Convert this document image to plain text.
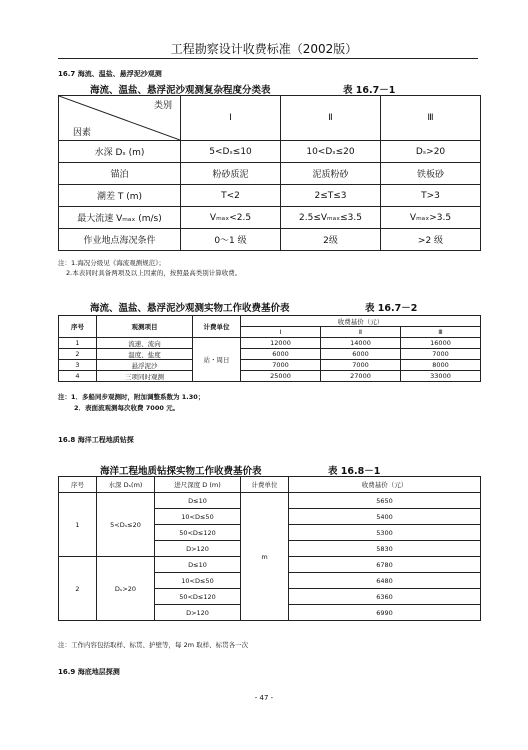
工程勘察设计收费标准（2002版）
16.7 海流、温盐、悬浮泥沙观测
海流、温盐、悬浮泥沙观测复杂程度分类表	表 16.7－1
类别
因素	Ⅰ	Ⅱ	Ⅲ
水深 Dₛ (m)	5<Dₛ≤10	10<Dₛ≤20	Dₛ>20
锚泊	粉砂质泥	泥质粉砂	铁板砂
潮差 T (m)	T<2	2≤T≤3	T>3
最大流速 Vₘₐₓ (m/s)	Vₘₐₓ<2.5	2.5≤Vₘₐₓ≤3.5	Vₘₐₓ>3.5
作业地点海况条件	0～1 级	2级	>2 级
注：1.海况分级见《海流观测规范》；
2.本表同时具备两项及以上因素的，按照最高类别计算收费。
海流、温盐、悬浮泥沙观测实物工作收费基价表	表 16.7－2
序号	观测项目	计费单位	收费基价（元）		
			Ⅰ	Ⅱ	Ⅲ
1	流速、流向	站・周日	12000	14000	16000
2	温度、盐度		6000	6000	7000
3	悬浮泥沙		7000	7000	8000
4	三项同时观测		25000	27000	33000
注：1．多船同步观测时，附加调整系数为 1.30；
2．表面流观测每次收费 7000 元。
16.8 海洋工程地质钻探
海洋工程地质钻探实物工作收费基价表	表 16.8－1
序号	水深 Dₛ(m)	进尺深度 D (m)	计费单位	收费基价（元）
1	5<Dₛ≤20	D≤10	m	5650
		10<D≤50		5400
		50<D≤120		5300
		D>120		5830
2	Dₛ>20	D≤10		6780
		10<D≤50		6480
		50<D≤120		6360
		D>120		6990
注：工作内容包括取样、标贯、护壁等，每 2m 取样、标贯各一次
16.9 海底地层探测
- 47 -
